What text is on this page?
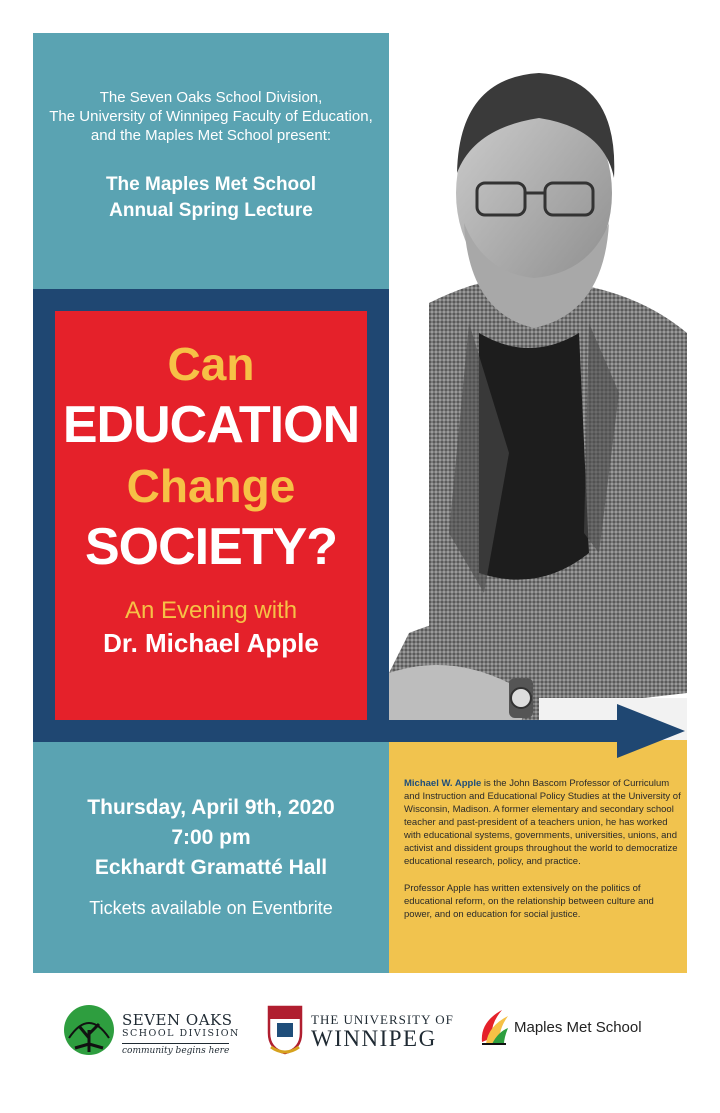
The Seven Oaks School Division,
The University of Winnipeg Faculty of Education,
and the Maples Met School present:
The Maples Met School
Annual Spring Lecture
Can
EDUCATION
Change
SOCIETY?
An Evening with
Dr. Michael Apple
Thursday, April 9th, 2020
7:00 pm
Eckhardt Gramatté Hall
Tickets available on Eventbrite

Michael W. Apple is the John Bascom Professor of Curriculum and Instruction and Educational Policy Studies at the University of Wisconsin, Madison. A former elementary and secondary school teacher and past-president of a teachers union, he has worked with educational systems, governments, universities, unions, and activist and dissident groups throughout the world to democratize educational research, policy, and practice.

Professor Apple has written extensively on the politics of educational reform, on the relationship between culture and power, and on education for social justice.

SEVEN OAKS
SCHOOL DIVISION
community begins here
THE UNIVERSITY OF
WINNIPEG	Maples Met School
